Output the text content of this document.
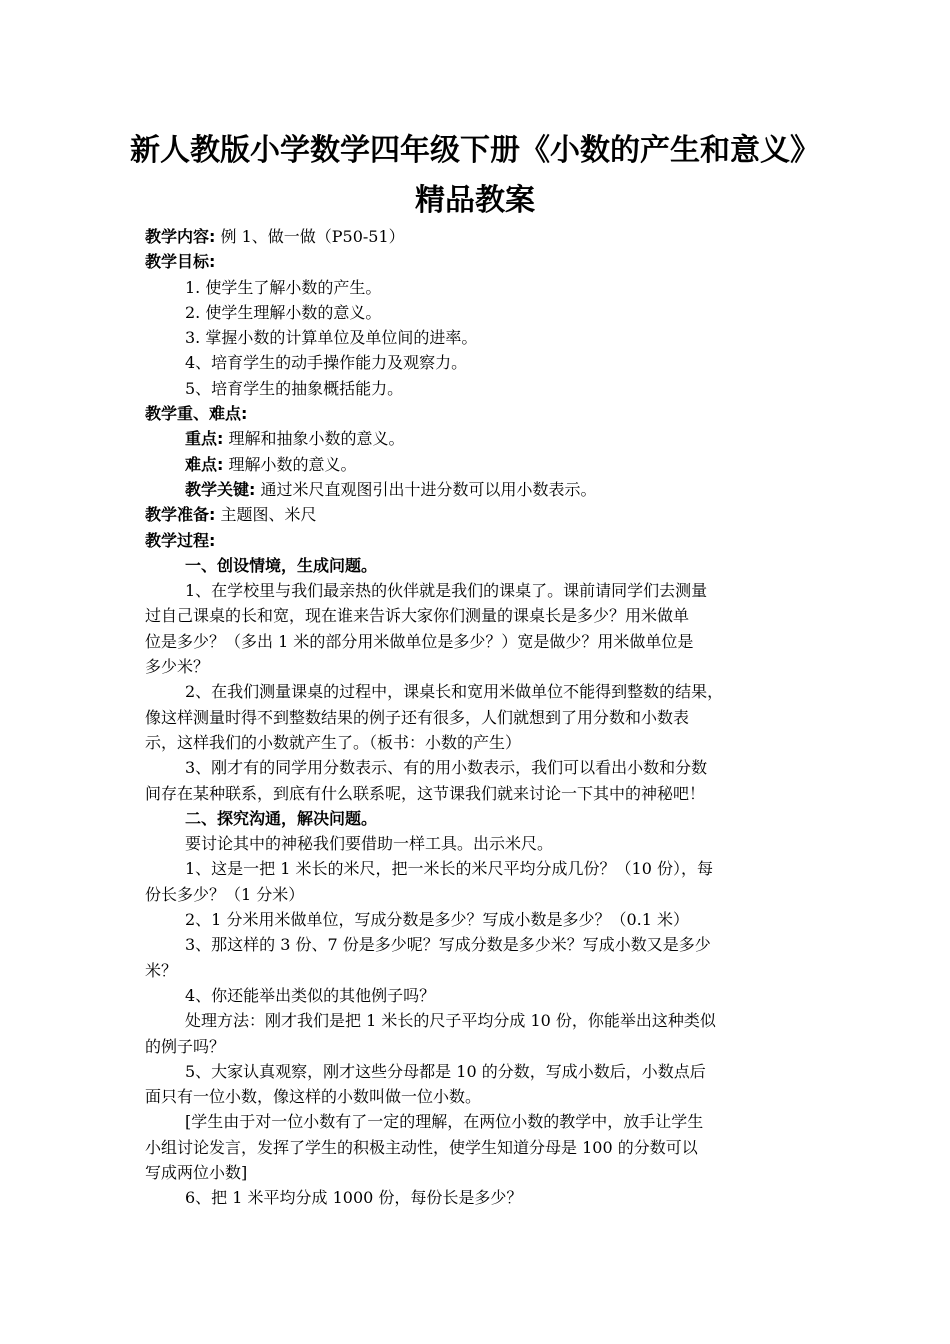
新人教版小学数学四年级下册《小数的产生和意义》
精品教案
教学内容: 例 1、做一做（P50-51）
教学目标:
1. 使学生了解小数的产生。
2. 使学生理解小数的意义。
3. 掌握小数的计算单位及单位间的进率。
4、培育学生的动手操作能力及观察力。
5、培育学生的抽象概括能力。
教学重、难点:
重点: 理解和抽象小数的意义。
难点: 理解小数的意义。
教学关键: 通过米尺直观图引出十进分数可以用小数表示。
教学准备: 主题图、米尺
教学过程:
一、创设情境，生成问题。
1、在学校里与我们最亲热的伙伴就是我们的课桌了。课前请同学们去测量
过自己课桌的长和宽，现在谁来告诉大家你们测量的课桌长是多少？用米做单
位是多少？（多出 1 米的部分用米做单位是多少？）宽是做少？用米做单位是
多少米？
2、在我们测量课桌的过程中，课桌长和宽用米做单位不能得到整数的结果，
像这样测量时得不到整数结果的例子还有很多，人们就想到了用分数和小数表
示，这样我们的小数就产生了。（板书：小数的产生）
3、刚才有的同学用分数表示、有的用小数表示，我们可以看出小数和分数
间存在某种联系，到底有什么联系呢，这节课我们就来讨论一下其中的神秘吧！
二、探究沟通，解决问题。
要讨论其中的神秘我们要借助一样工具。出示米尺。
1、这是一把 1 米长的米尺，把一米长的米尺平均分成几份？（10 份），每
份长多少？（1 分米）
2、1 分米用米做单位，写成分数是多少？写成小数是多少？（0.1 米）
3、那这样的 3 份、7 份是多少呢？写成分数是多少米？写成小数又是多少
米？
4、你还能举出类似的其他例子吗？
处理方法：刚才我们是把 1 米长的尺子平均分成 10 份，你能举出这种类似
的例子吗？
5、大家认真观察，刚才这些分母都是 10 的分数，写成小数后，小数点后
面只有一位小数，像这样的小数叫做一位小数。
[学生由于对一位小数有了一定的理解，在两位小数的教学中，放手让学生
小组讨论发言，发挥了学生的积极主动性，使学生知道分母是 100 的分数可以
写成两位小数]
6、把 1 米平均分成 1000 份，每份长是多少？
